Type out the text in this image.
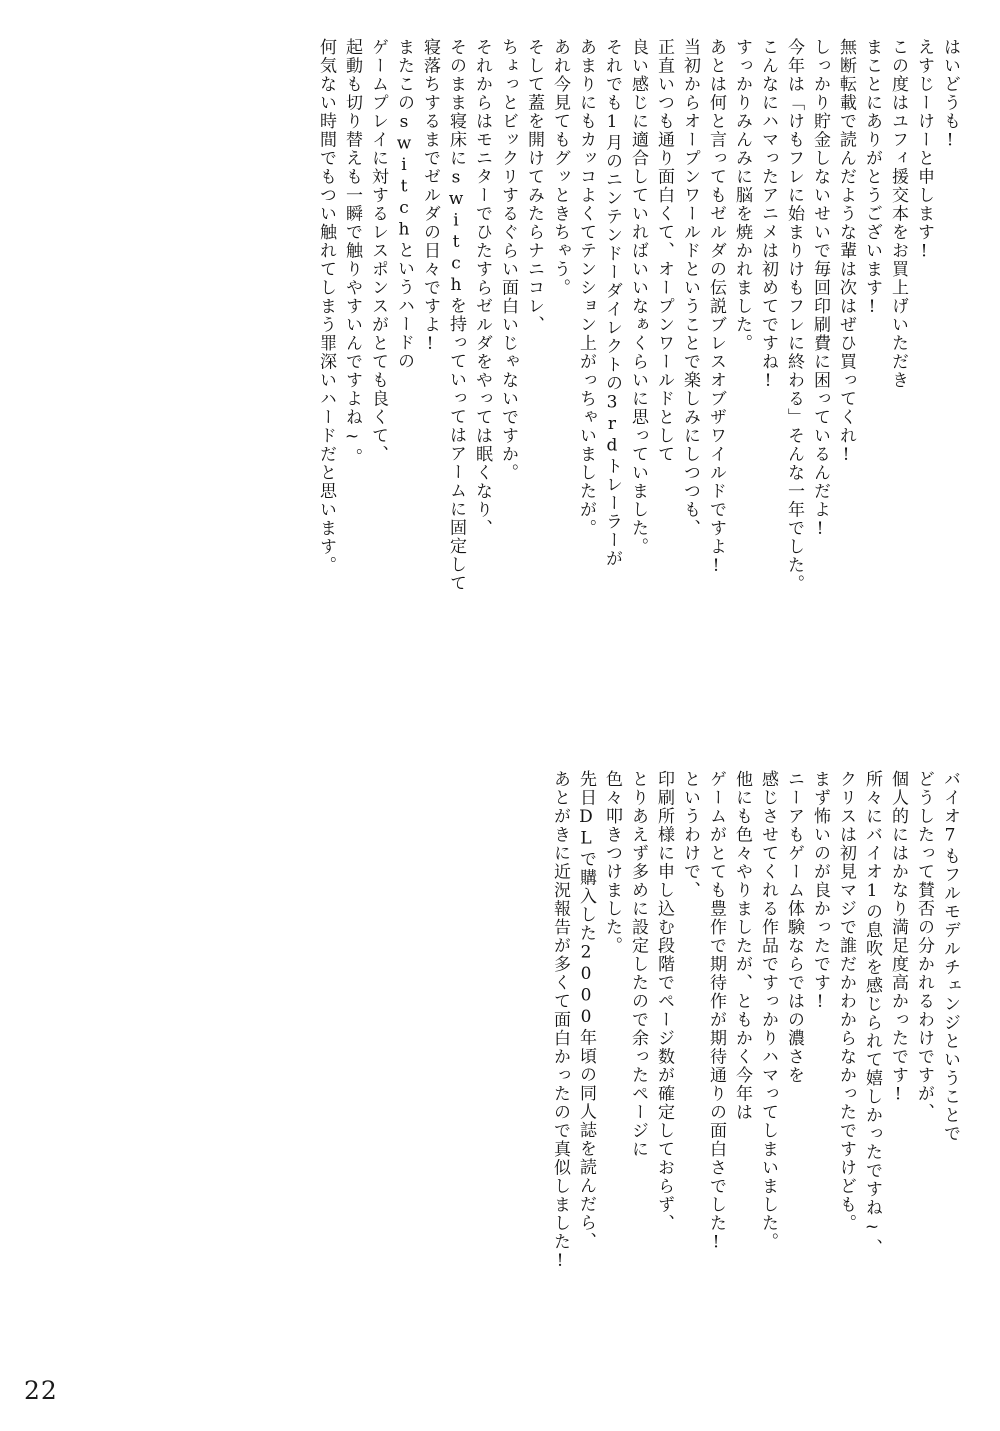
はいどうも!
えすじーけーと申します!
この度はユフィ援交本をお買上げいただき
まことにありがとうございます!
無断転載で読んだような輩は次はぜひ買ってくれ!
しっかり貯金しないせいで毎回印刷費に困っているんだよ!
今年は「けもフレに始まりけもフレに終わる」そんな一年でした。
こんなにハマったアニメは初めてですね!
すっかりみんみに脳を焼かれました。
あとは何と言ってもゼルダの伝説ブレスオブザワイルドですよ!
当初からオープンワールドということで楽しみにしつつも、
正直いつも通り面白くて、オープンワールドとして
良い感じに適合していればいいなぁくらいに思っていました。
それでも1月のニンテンドーダイレクトの3rdトレーラーが
あまりにもカッコよくてテンション上がっちゃいましたが。
あれ今見てもグッときちゃう。
そして蓋を開けてみたらナニコレ、
ちょっとビックリするぐらい面白いじゃないですか。
それからはモニターでひたすらゼルダをやっては眠くなり、
そのまま寝床にswitchを持っていってはアームに固定して
寝落ちするまでゼルダの日々ですよ!
またこのswitchというハードの
ゲームプレイに対するレスポンスがとても良くて、
起動も切り替えも一瞬で触りやすいんですよね~。
何気ない時間でもつい触れてしまう罪深いハードだと思います。
バイオ7もフルモデルチェンジということで
どうしたって賛否の分かれるわけですが、
個人的にはかなり満足度高かったです!
所々にバイオ1の息吹を感じられて嬉しかったですね~、
クリスは初見マジで誰だかわからなかったですけども。
まず怖いのが良かったです!
ニーアもゲーム体験ならではの濃さを
感じさせてくれる作品ですっかりハマってしまいました。
他にも色々やりましたが、ともかく今年は
ゲームがとても豊作で期待作が期待通りの面白さでした!
というわけで、
印刷所様に申し込む段階でページ数が確定しておらず、
とりあえず多めに設定したので余ったページに
色々叩きつけました。
先日DLで購入した2000年頃の同人誌を読んだら、
あとがきに近況報告が多くて面白かったので真似しました!
22
